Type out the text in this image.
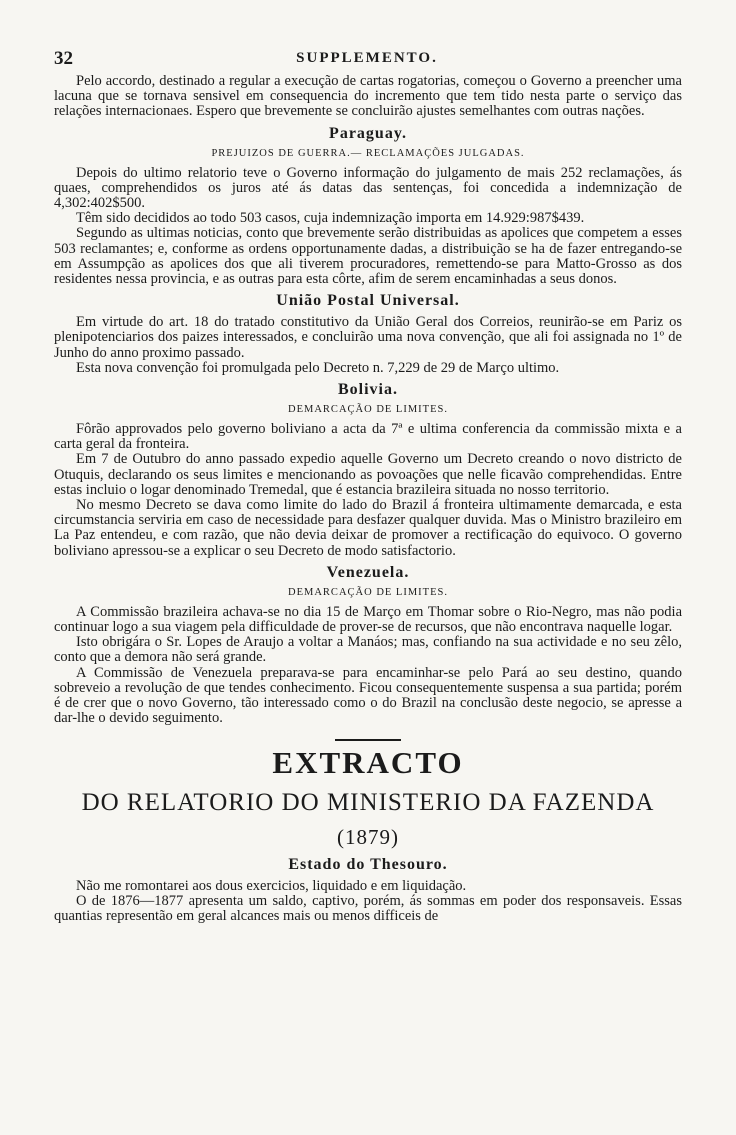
32	SUPPLEMENTO.

Pelo accordo, destinado a regular a execução de cartas rogatorias, começou o Governo a preencher uma lacuna que se tornava sensivel em consequencia do incremento que tem tido nesta parte o serviço das relações internacionaes. Espero que brevemente se concluirão ajustes semelhantes com outras nações.

Paraguay.
PREJUIZOS DE GUERRA.— RECLAMAÇÕES JULGADAS.

Depois do ultimo relatorio teve o Governo informação do julgamento de mais 252 reclamações, ás quaes, comprehendidos os juros até ás datas das sentenças, foi concedida a indemnização de 4,302:402$500.

Têm sido decididos ao todo 503 casos, cuja indemnização importa em 14.929:987$439.

Segundo as ultimas noticias, conto que brevemente serão distribuidas as apolices que competem a esses 503 reclamantes; e, conforme as ordens opportunamente dadas, a distribuição se ha de fazer entregando-se em Assumpção as apolices dos que ali tiverem procuradores, remettendo-se para Matto-Grosso as dos residentes nessa provincia, e as outras para esta côrte, afim de serem encaminhadas a seus donos.

União Postal Universal.

Em virtude do art. 18 do tratado constitutivo da União Geral dos Correios, reunirão-se em Pariz os plenipotenciarios dos paizes interessados, e concluirão uma nova convenção, que ali foi assignada no 1º de Junho do anno proximo passado.

Esta nova convenção foi promulgada pelo Decreto n. 7,229 de 29 de Março ultimo.

Bolivia.
DEMARCAÇÃO DE LIMITES.

Fôrão approvados pelo governo boliviano a acta da 7ª e ultima conferencia da commissão mixta e a carta geral da fronteira.

Em 7 de Outubro do anno passado expedio aquelle Governo um Decreto creando o novo districto de Otuquis, declarando os seus limites e mencionando as povoações que nelle ficavão comprehendidas. Entre estas incluio o logar denominado Tremedal, que é estancia brazileira situada no nosso territorio.

No mesmo Decreto se dava como limite do lado do Brazil á fronteira ultimamente demarcada, e esta circumstancia serviria em caso de necessidade para desfazer qualquer duvida. Mas o Ministro brazileiro em La Paz entendeu, e com razão, que não devia deixar de promover a rectificação do equivoco. O governo boliviano apressou-se a explicar o seu Decreto de modo satisfactorio.

Venezuela.
DEMARCAÇÃO DE LIMITES.

A Commissão brazileira achava-se no dia 15 de Março em Thomar sobre o Rio-Negro, mas não podia continuar logo a sua viagem pela difficuldade de prover-se de recursos, que não encontrava naquelle logar.

Isto obrigára o Sr. Lopes de Araujo a voltar a Manáos; mas, confiando na sua actividade e no seu zêlo, conto que a demora não será grande.

A Commissão de Venezuela preparava-se para encaminhar-se pelo Pará ao seu destino, quando sobreveio a revolução de que tendes conhecimento. Ficou consequentemente suspensa a sua partida; porém é de crer que o novo Governo, tão interessado como o do Brazil na conclusão deste negocio, se apresse a dar-lhe o devido seguimento.

EXTRACTO
DO RELATORIO DO MINISTERIO DA FAZENDA
(1879)
Estado do Thesouro.

Não me romontarei aos dous exercicios, liquidado e em liquidação.

O de 1876—1877 apresenta um saldo, captivo, porém, ás sommas em poder dos responsaveis. Essas quantias representão em geral alcances mais ou menos difficeis de
